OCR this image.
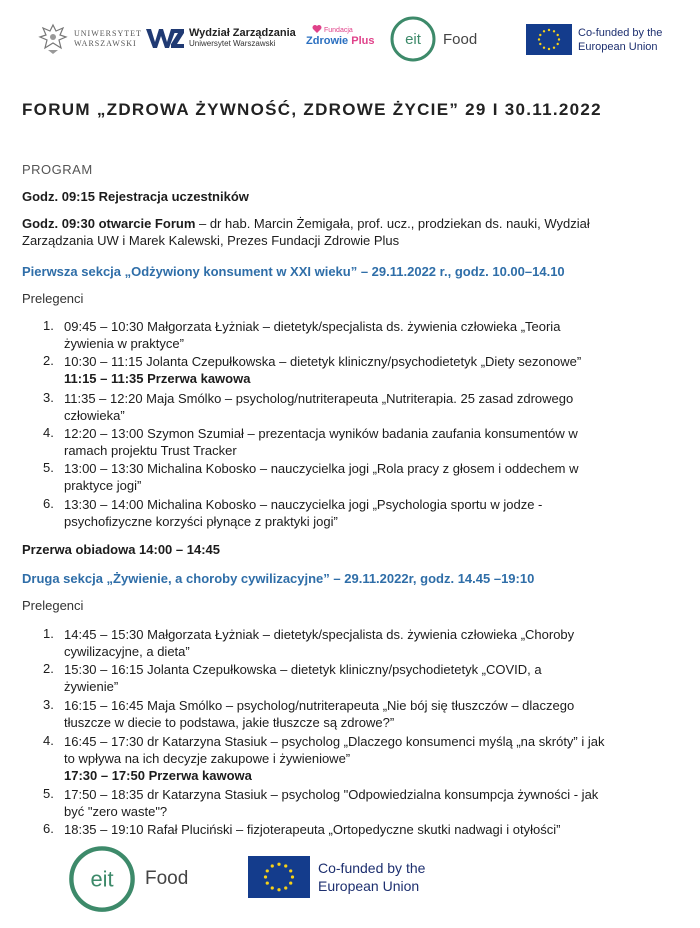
UNIWERSYTET
WARSZAWSKI
Wydział Zarządzania
Uniwersytet Warszawski
Fundacja
Zdrowie Plus eit Food	Co-funded by the
European Union
FORUM „ZDROWA ŻYWNOŚĆ, ZDROWE ŻYCIE” 29 I 30.11.2022
PROGRAM
Godz. 09:15 Rejestracja uczestników
Godz. 09:30 otwarcie Forum – dr hab. Marcin Żemigała, prof. ucz., prodziekan ds. nauki, Wydział
Zarządzania UW i Marek Kalewski, Prezes Fundacji Zdrowie Plus
Pierwsza sekcja „Odżywiony konsument w XXI wieku” – 29.11.2022 r., godz. 10.00–14.10
Prelegenci
1. 09:45 – 10:30 Małgorzata Łyżniak – dietetyk/specjalista ds. żywienia człowieka „Teoria
żywienia w praktyce”
2. 10:30 – 11:15 Jolanta Czepułkowska – dietetyk kliniczny/psychodietetyk „Diety sezonowe”
11:15 – 11:35 Przerwa kawowa
3. 11:35 – 12:20 Maja Smólko – psycholog/nutriterapeuta „Nutriterapia. 25 zasad zdrowego
człowieka”
4. 12:20 – 13:00 Szymon Szumiał – prezentacja wyników badania zaufania konsumentów w
ramach projektu Trust Tracker
5. 13:00 – 13:30 Michalina Kobosko – nauczycielka jogi „Rola pracy z głosem i oddechem w
praktyce jogi”
6. 13:30 – 14:00 Michalina Kobosko – nauczycielka jogi „Psychologia sportu w jodze -
psychofizyczne korzyści płynące z praktyki jogi”
Przerwa obiadowa 14:00 – 14:45
Druga sekcja „Żywienie, a choroby cywilizacyjne” – 29.11.2022r, godz. 14.45 –19:10
Prelegenci
1. 14:45 – 15:30 Małgorzata Łyżniak – dietetyk/specjalista ds. żywienia człowieka „Choroby
cywilizacyjne, a dieta”
2. 15:30 – 16:15 Jolanta Czepułkowska – dietetyk kliniczny/psychodietetyk „COVID, a
żywienie”
3. 16:15 – 16:45 Maja Smólko – psycholog/nutriterapeuta „Nie bój się tłuszczów – dlaczego
tłuszcze w diecie to podstawa, jakie tłuszcze są zdrowe?”
4. 16:45 – 17:30 dr Katarzyna Stasiuk – psycholog „Dlaczego konsumenci myślą „na skróty” i jak
to wpływa na ich decyzje zakupowe i żywieniowe”
17:30 – 17:50 Przerwa kawowa
5. 17:50 – 18:35 dr Katarzyna Stasiuk – psycholog "Odpowiedzialna konsumpcja żywności - jak
być "zero waste"?
6. 18:35 – 19:10 Rafał Pluciński – fizjoterapeuta „Ortopedyczne skutki nadwagi i otyłości”
eit Food	Co-funded by the
European Union
